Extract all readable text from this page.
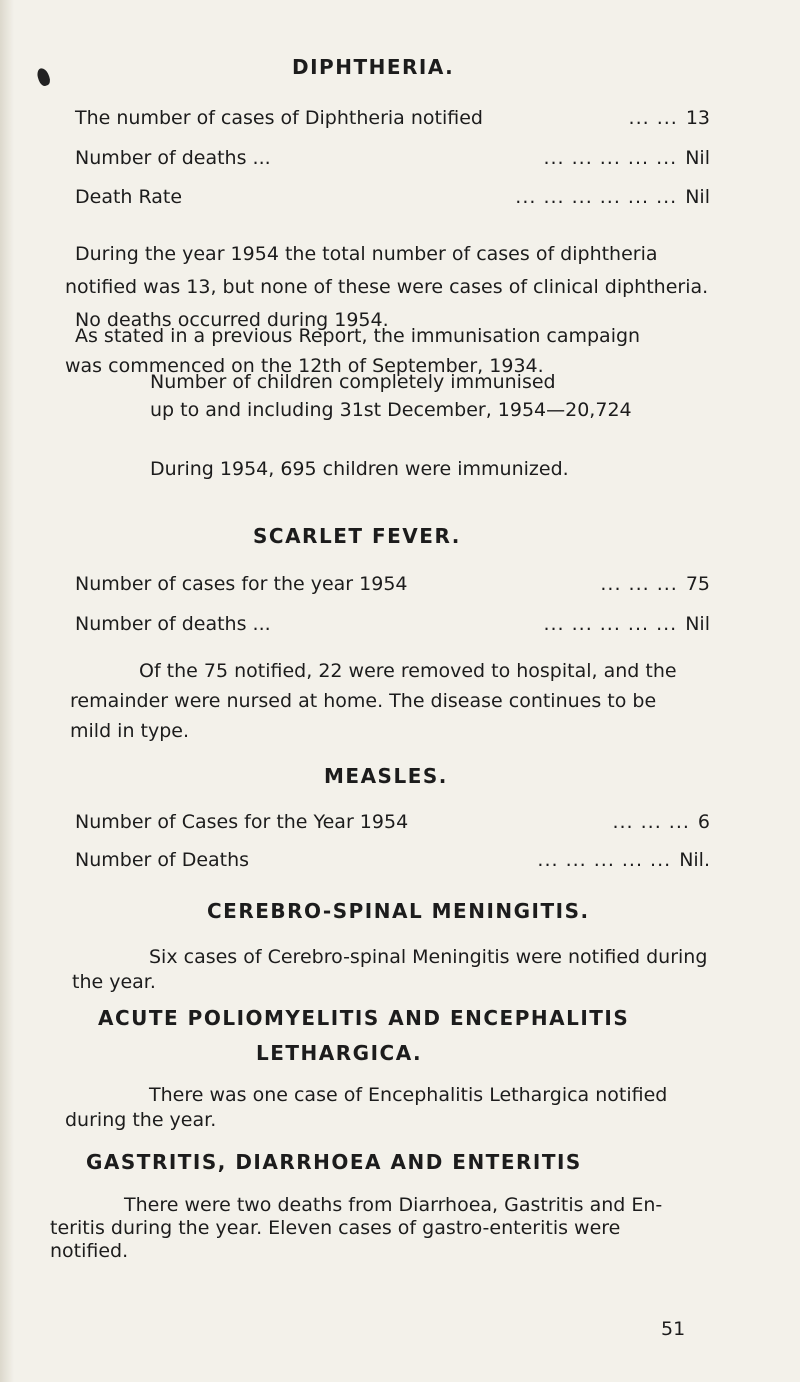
DIPHTHERIA.
The number of cases of Diphtheria notified	... ... 13
Number of deaths ...	... ... ... ... ... Nil
Death Rate	... ... ... ... ... ... Nil
During the year 1954 the total number of cases of diphtheria
notified was 13, but none of these were cases of clinical diphtheria.
No deaths occurred during 1954.
As stated in a previous Report, the immunisation campaign
was commenced on the 12th of September, 1934.
Number of children completely immunised
up to and including 31st December, 1954—20,724
During 1954, 695 children were immunized.
SCARLET FEVER.
Number of cases for the year 1954	... ... ... 75
Number of deaths ...	... ... ... ... ... Nil
Of the 75 notified, 22 were removed to hospital, and the
remainder were nursed at home. The disease continues to be
mild in type.
MEASLES.
Number of Cases for the Year 1954	... ... ... 6
Number of Deaths	... ... ... ... ... Nil.
CEREBRO-SPINAL MENINGITIS.
Six cases of Cerebro-spinal Meningitis were notified during
the year.
ACUTE POLIOMYELITIS AND ENCEPHALITIS
LETHARGICA.
There was one case of Encephalitis Lethargica notified
during the year.
GASTRITIS, DIARRHOEA AND ENTERITIS
There were two deaths from Diarrhoea, Gastritis and En-
teritis during the year. Eleven cases of gastro-enteritis were
notified.
51
